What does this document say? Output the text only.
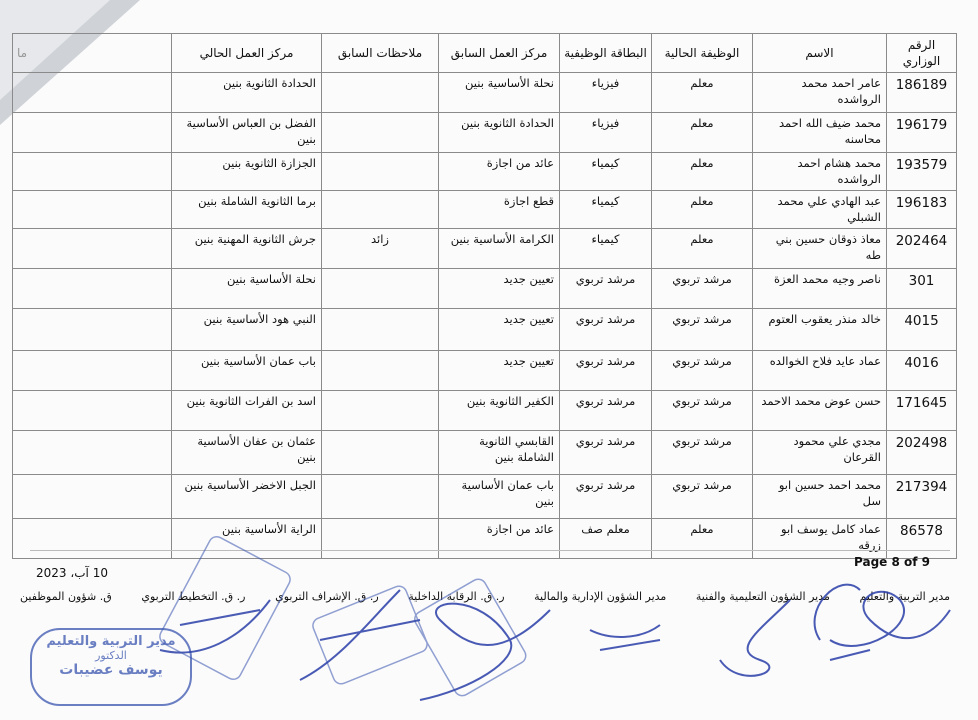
الرقم الوزاري	الاسم	الوظيفة الحالية	البطاقة الوظيفية	مركز العمل السابق	ملاحظات السابق	مركز العمل الحالي	ما
186189	عامر احمد محمد الرواشده	معلم	فيزياء	نحلة الأساسية بنين		الحدادة الثانوية بنين	
196179	محمد ضيف الله احمد محاسنه	معلم	فيزياء	الحدادة الثانوية بنين		الفضل بن العباس الأساسية بنين	
193579	محمد هشام احمد الرواشده	معلم	كيمياء	عائد من اجازة		الجزازة الثانوية بنين	
196183	عبد الهادي علي محمد الشبلي	معلم	كيمياء	قطع اجازة		برما الثانوية الشاملة بنين	
202464	معاذ ذوقان حسين بني طه	معلم	كيمياء	الكرامة الأساسية بنين	زائد	جرش الثانوية المهنية بنين	
301	ناصر وجيه محمد العزة	مرشد تربوي	مرشد تربوي	تعيين جديد		نحلة الأساسية بنين	
4015	خالد منذر يعقوب العتوم	مرشد تربوي	مرشد تربوي	تعيين جديد		النبي هود الأساسية بنين	
4016	عماد عايد فلاح الخوالده	مرشد تربوي	مرشد تربوي	تعيين جديد		باب عمان الأساسية بنين	
171645	حسن عوض محمد الاحمد	مرشد تربوي	مرشد تربوي	الكفير الثانوية بنين		اسد بن الفرات الثانوية بنين	
202498	مجدي علي محمود القرعان	مرشد تربوي	مرشد تربوي	القابسي الثانوية الشاملة بنين		عثمان بن عفان الأساسية بنين	
217394	محمد احمد حسين ابو سل	مرشد تربوي	مرشد تربوي	باب عمان الأساسية بنين		الجبل الاخضر الأساسية بنين	
86578	عماد كامل يوسف ابو زرقه	معلم	معلم صف	عائد من اجازة		الراية الأساسية بنين	
Page 8 of 9
10 آب، 2023
ق. شؤون الموظفين	ر. ق. التخطيط التربوي	ر. ق. الإشراف التربوي	ر. ق. الرقابة الداخلية	مدير الشؤون الإدارية والمالية	مدير الشؤون التعليمية والفنية	مدير التربية والتعليم
مدير التربية والتعليم
الدكتور
يوسف عضيبات
